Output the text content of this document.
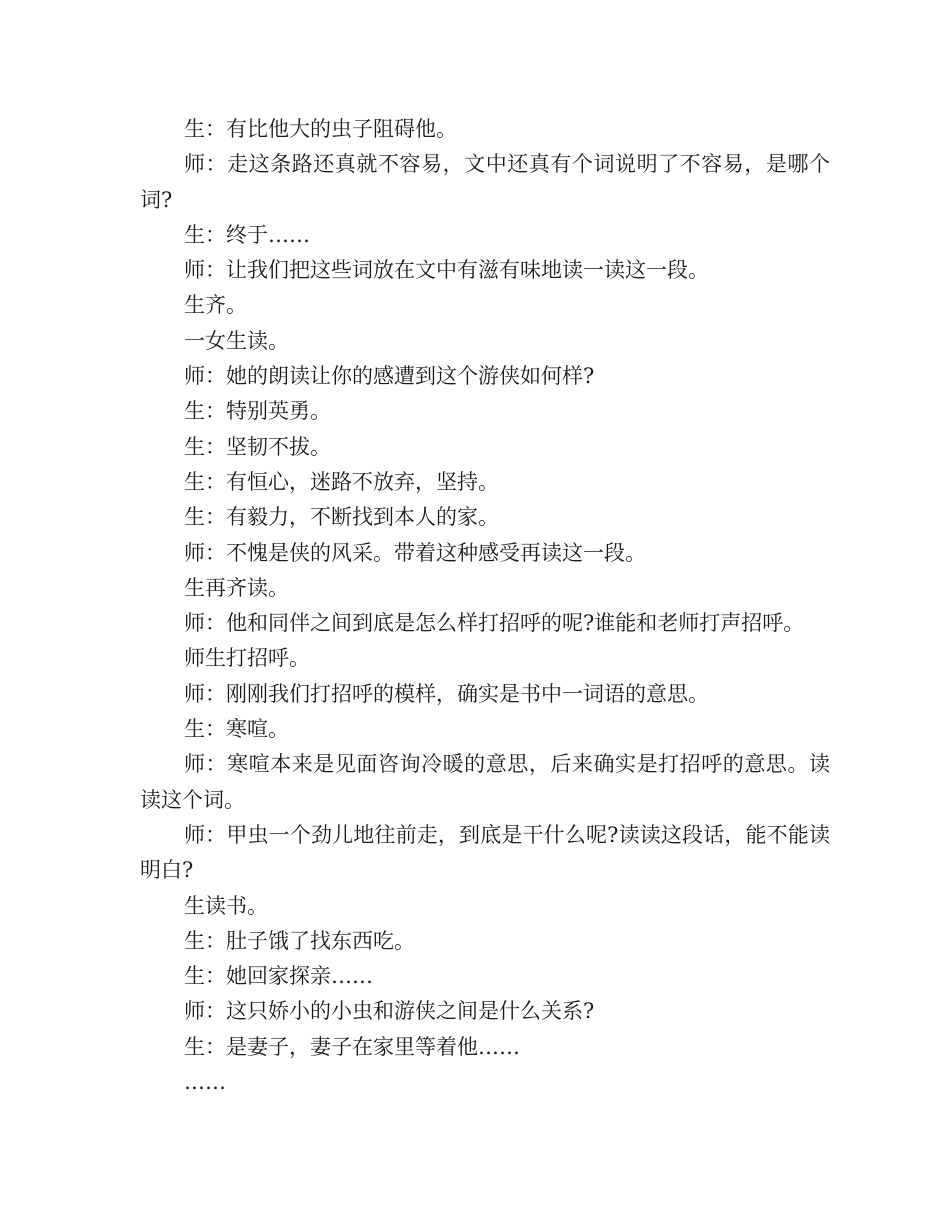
生：有比他大的虫子阻碍他。

师：走这条路还真就不容易，文中还真有个词说明了不容易，是哪个词?

生：终于……

师：让我们把这些词放在文中有滋有味地读一读这一段。

生齐。

一女生读。

师：她的朗读让你的感遭到这个游侠如何样?

生：特别英勇。

生：坚韧不拔。

生：有恒心，迷路不放弃，坚持。

生：有毅力，不断找到本人的家。

师：不愧是侠的风采。带着这种感受再读这一段。

生再齐读。

师：他和同伴之间到底是怎么样打招呼的呢?谁能和老师打声招呼。

师生打招呼。

师：刚刚我们打招呼的模样，确实是书中一词语的意思。

生：寒喧。

师：寒喧本来是见面咨询冷暖的意思，后来确实是打招呼的意思。读读这个词。

师：甲虫一个劲儿地往前走，到底是干什么呢?读读这段话，能不能读明白?

生读书。

生：肚子饿了找东西吃。

生：她回家探亲……

师：这只娇小的小虫和游侠之间是什么关系?

生：是妻子，妻子在家里等着他……

……
